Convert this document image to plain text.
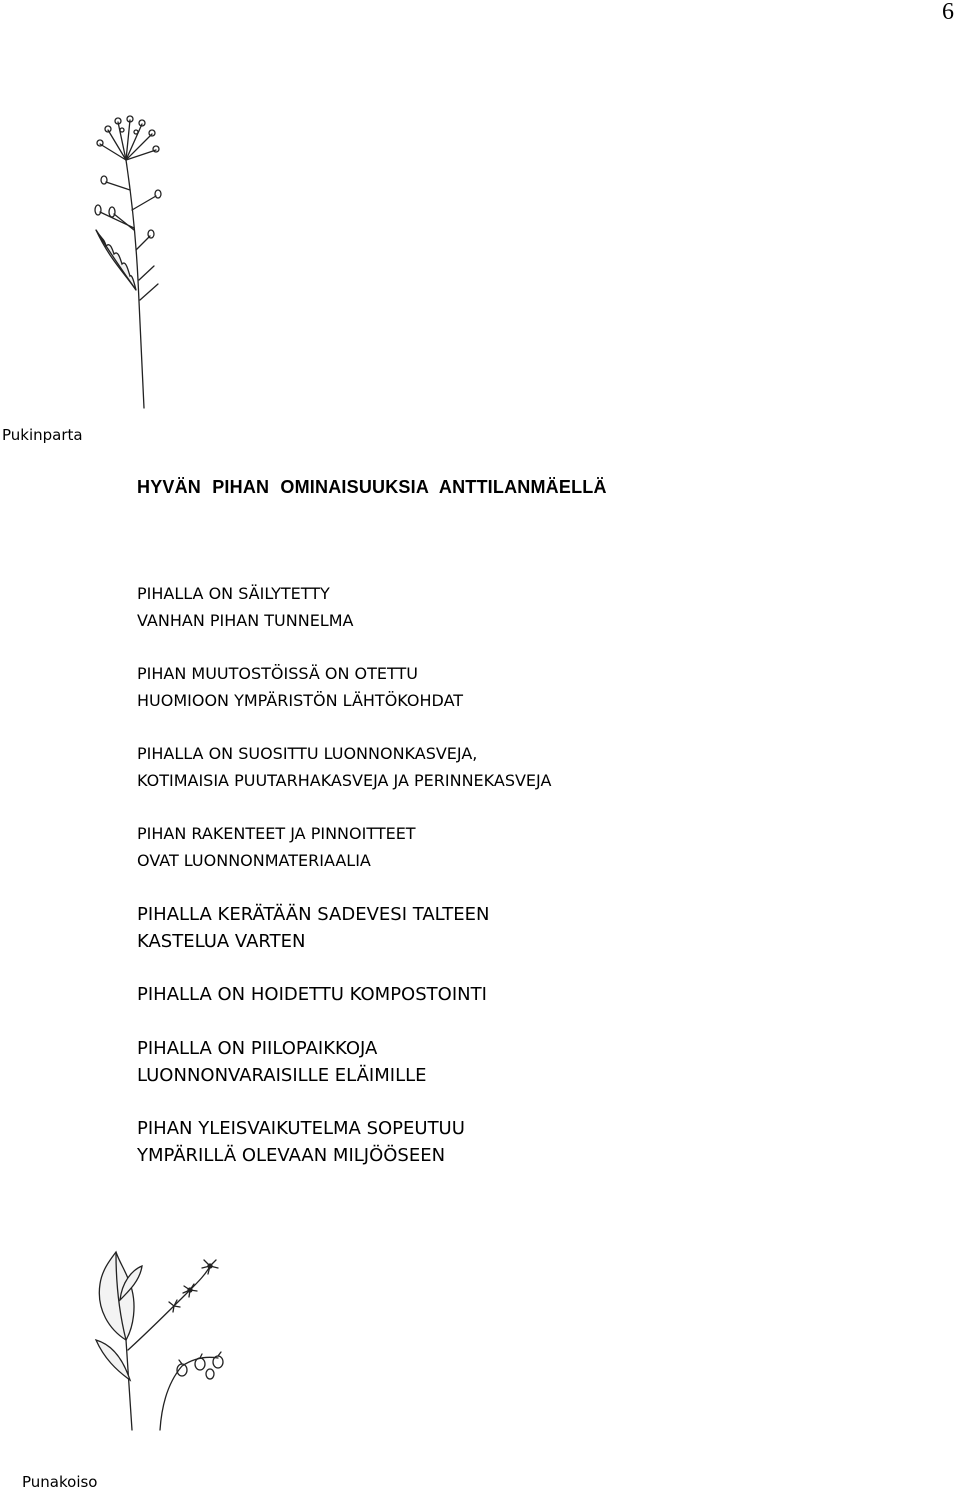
6
Pukinparta
HYVÄN PIHAN OMINAISUUKSIA ANTTILANMÄELLÄ
PIHALLA ON SÄILYTETTY
VANHAN PIHAN TUNNELMA
PIHAN MUUTOSTÖISSÄ ON OTETTU
HUOMIOON YMPÄRISTÖN LÄHTÖKOHDAT
PIHALLA ON SUOSITTU LUONNONKASVEJA,
KOTIMAISIA PUUTARHAKASVEJA JA PERINNEKASVEJA
PIHAN RAKENTEET JA PINNOITTEET
OVAT LUONNONMATERIAALIA
PIHALLA KERÄTÄÄN SADEVESI TALTEEN
KASTELUA VARTEN
PIHALLA ON HOIDETTU KOMPOSTOINTI
PIHALLA ON PIILOPAIKKOJA
LUONNONVARAISILLE ELÄIMILLE
PIHAN YLEISVAIKUTELMA SOPEUTUU
YMPÄRILLÄ OLEVAAN MILJÖÖSEEN
Punakoiso
